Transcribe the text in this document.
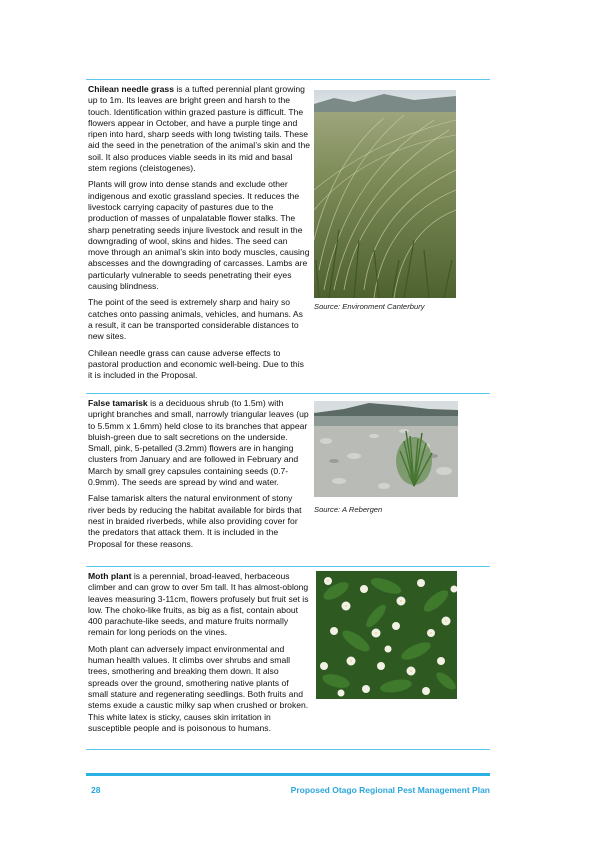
Chilean needle grass is a tufted perennial plant growing up to 1m. Its leaves are bright green and harsh to the touch. Identification within grazed pasture is difficult. The flowers appear in October, and have a purple tinge and ripen into hard, sharp seeds with long twisting tails. These aid the seed in the penetration of the animal’s skin and the soil. It also produces viable seeds in its mid and basal stem regions (cleistogenes).

Plants will grow into dense stands and exclude other indigenous and exotic grassland species. It reduces the livestock carrying capacity of pastures due to the production of masses of unpalatable flower stalks. The sharp penetrating seeds injure livestock and result in the downgrading of wool, skins and hides. The seed can move through an animal’s skin into body muscles, causing abscesses and the downgrading of carcasses. Lambs are particularly vulnerable to seeds penetrating their eyes causing blindness.

The point of the seed is extremely sharp and hairy so catches onto passing animals, vehicles, and humans. As a result, it can be transported considerable distances to new sites.

Chilean needle grass can cause adverse effects to pastoral production and economic well-being. Due to this it is included in the Proposal.

Source: Environment Canterbury

False tamarisk is a deciduous shrub (to 1.5m) with upright branches and small, narrowly triangular leaves (up to 5.5mm x 1.6mm) held close to its branches that appear bluish-green due to salt secretions on the underside. Small, pink, 5-petalled (3.2mm) flowers are in hanging clusters from January and are followed in February and March by small grey capsules containing seeds (0.7-0.9mm). The seeds are spread by wind and water.

False tamarisk alters the natural environment of stony river beds by reducing the habitat available for birds that nest in braided riverbeds, while also providing cover for the predators that attack them. It is included in the Proposal for these reasons.

Source: A Rebergen

Moth plant is a perennial, broad-leaved, herbaceous climber and can grow to over 5m tall. It has almost-oblong leaves measuring 3-11cm, flowers profusely but fruit set is low. The choko-like fruits, as big as a fist, contain about 400 parachute-like seeds, and mature fruits normally remain for long periods on the vines.

Moth plant can adversely impact environmental and human health values. It climbs over shrubs and small trees, smothering and breaking them down. It also spreads over the ground, smothering native plants of small stature and regenerating seedlings. Both fruits and stems exude a caustic milky sap when crushed or broken. This white latex is sticky, causes skin irritation in susceptible people and is poisonous to humans.

28	Proposed Otago Regional Pest Management Plan
